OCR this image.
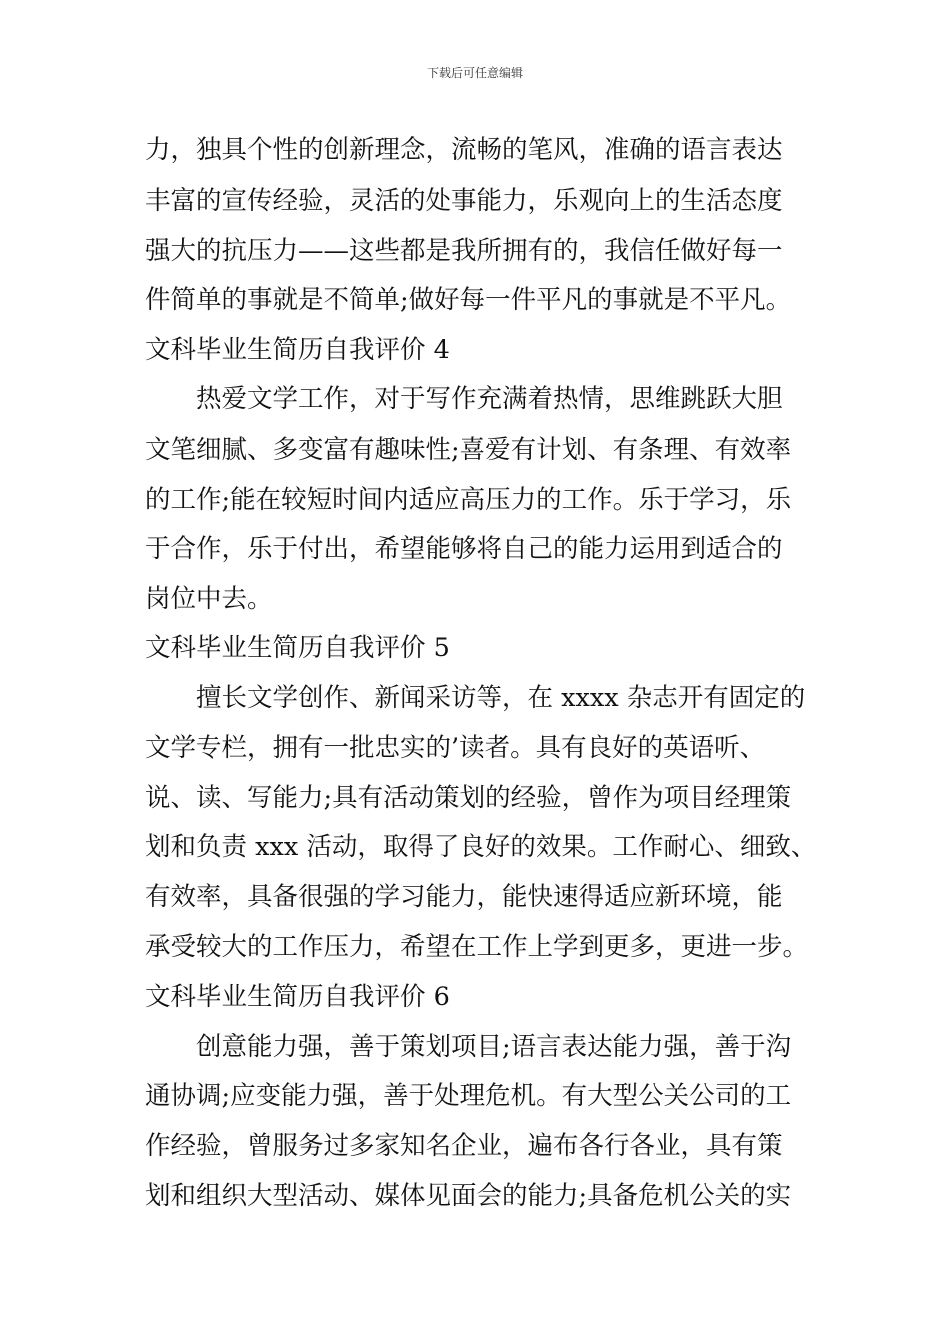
下载后可任意编辑
力，独具个性的创新理念，流畅的笔风，准确的语言表达
丰富的宣传经验，灵活的处事能力，乐观向上的生活态度
强大的抗压力——这些都是我所拥有的，我信任做好每一
件简单的事就是不简单;做好每一件平凡的事就是不平凡。
文科毕业生简历自我评价 4
热爱文学工作，对于写作充满着热情，思维跳跃大胆
文笔细腻、多变富有趣味性;喜爱有计划、有条理、有效率
的工作;能在较短时间内适应高压力的工作。乐于学习，乐
于合作，乐于付出，希望能够将自己的能力运用到适合的
岗位中去。
文科毕业生简历自我评价 5
擅长文学创作、新闻采访等，在 xxxx 杂志开有固定的
文学专栏，拥有一批忠实的’读者。具有良好的英语听、
说、读、写能力;具有活动策划的经验，曾作为项目经理策
划和负责 xxx 活动，取得了良好的效果。工作耐心、细致、
有效率，具备很强的学习能力，能快速得适应新环境，能
承受较大的工作压力，希望在工作上学到更多，更进一步。
文科毕业生简历自我评价 6
创意能力强，善于策划项目;语言表达能力强，善于沟
通协调;应变能力强，善于处理危机。有大型公关公司的工
作经验，曾服务过多家知名企业，遍布各行各业，具有策
划和组织大型活动、媒体见面会的能力;具备危机公关的实
